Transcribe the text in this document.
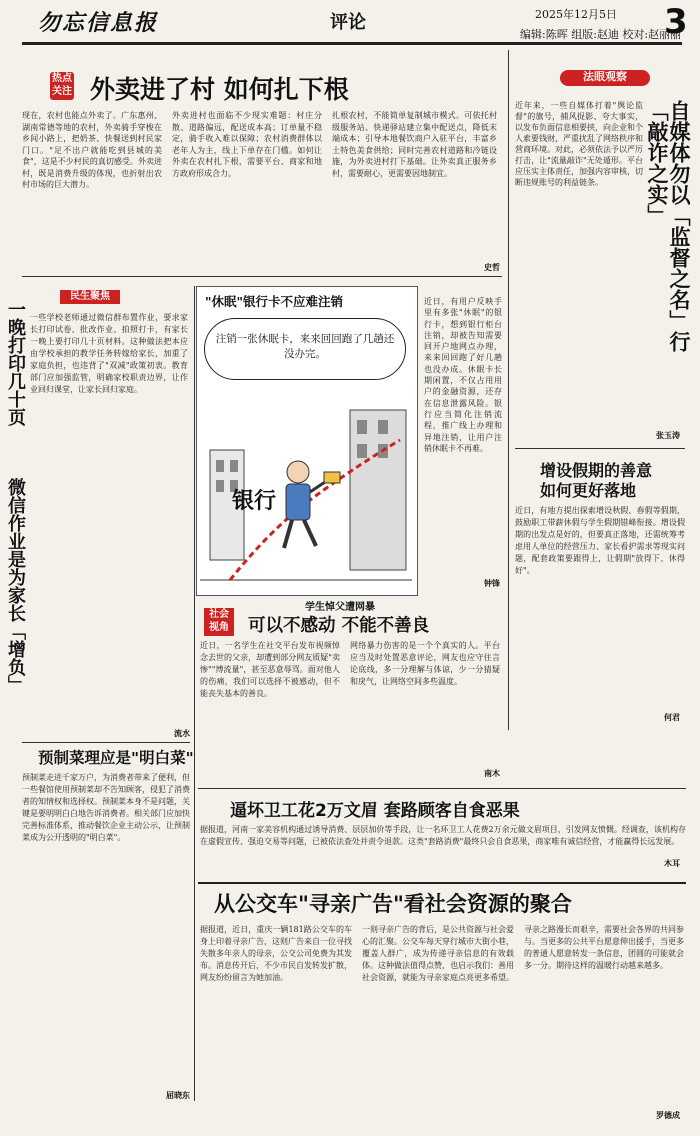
勿忘信息报	评论	2025年12月5日 3
编辑:陈晖 组版:赵迪 校对:赵丽丽
热点
关注 外卖进了村 如何扎下根
现在，农村也能点外卖了。广东惠州、湖南常德等地的农村，外卖骑手穿梭在乡间小路上，把奶茶、快餐送到村民家门口。"足不出户就能吃到县城的美食"，这是不少村民的真切感受。外卖进村，既是消费升级的体现，也折射出农村市场的巨大潜力。
外卖进村也面临不少现实难题：村庄分散、道路偏远，配送成本高；订单量不稳定，骑手收入难以保障；农村消费群体以老年人为主，线上下单存在门槛。如何让外卖在农村扎下根，需要平台、商家和地方政府形成合力。
扎根农村，不能简单复制城市模式。可依托村级服务站、快递驿站建立集中配送点，降低末端成本；引导本地餐饮商户入驻平台，丰富乡土特色美食供给；同时完善农村道路和冷链设施，为外卖进村打下基础。让外卖真正服务乡村，需要耐心，更需要因地制宜。
史哲
法眼观察
近年来，一些自媒体打着"舆论监督"的旗号，捕风捉影、夸大事实，以发布负面信息相要挟，向企业和个人索要钱财，严重扰乱了网络秩序和营商环境。对此，必须依法予以严厉打击，让"流量敲诈"无处遁形。平台应压实主体责任，加强内容审核，切断违规账号的利益链条。	自媒体勿以「监督之名」行「敲诈之实」
张玉涛
增设假期的善意
如何更好落地
近日，有地方提出探索增设秋假、春假等假期，鼓励职工带薪休假与学生假期错峰衔接。增设假期的出发点是好的，但要真正落地，还需统筹考虑用人单位的经营压力、家长看护需求等现实问题，配套政策要跟得上，让假期"放得下、休得好"。
何君
民生聚焦
一些学校老师通过微信群布置作业，要求家长打印试卷、批改作业、拍照打卡，有家长一晚上要打印几十页材料。这种做法把本应由学校承担的教学任务转嫁给家长，加重了家庭负担，也违背了"双减"政策初衷。教育部门应加强监管，明确家校职责边界，让作业回归课堂，让家长回归家庭。
一晚打印几十页
微信作业是为家长「增负」
流水
"休眠"银行卡不应难注销
注销一张休眠卡，来来回回跑了几趟还没办完。
银行
近日，有用户反映手里有多张"休眠"的银行卡，想到银行柜台注销，却被告知需要回开户地网点办理，来来回回跑了好几趟也没办成。休眠卡长期闲置，不仅占用用户的金融资源，还存在信息泄露风险。银行应当简化注销流程，推广线上办理和异地注销，让用户注销休眠卡不再难。
钟锋
社会
视角
学生悼父遭网暴
可以不感动 不能不善良
近日，一名学生在社交平台发布视频悼念去世的父亲，却遭到部分网友质疑"卖惨""博流量"，甚至恶意辱骂。面对他人的伤痛，我们可以选择不被感动，但不能丧失基本的善良。
网络暴力伤害的是一个个真实的人。平台应当及时处置恶意评论，网友也应守住言论底线，多一分理解与体谅，少一分猜疑和戾气，让网络空间多些温度。
南木
预制菜理应是"明白菜"
预制菜走进千家万户，为消费者带来了便利，但一些餐馆使用预制菜却不告知顾客，侵犯了消费者的知情权和选择权。预制菜本身不是问题，关键是要明明白白地告诉消费者。相关部门应加快完善标准体系，推动餐饮企业主动公示，让预制菜成为公开透明的"明白菜"。
屈晓东
逼坏卫工花2万文眉 套路顾客自食恶果
据报道，河南一家美容机构通过诱导消费、层层加价等手段，让一名环卫工人花费2万余元做文眉项目，引发网友愤慨。经调查，该机构存在虚假宣传、强迫交易等问题，已被依法查处并责令退款。这类"套路消费"最终只会自食恶果，商家唯有诚信经营，才能赢得长远发展。
木耳
从公交车"寻亲广告"看社会资源的聚合
据报道，近日，重庆一辆181路公交车的车身上印着寻亲广告，这则广告来自一位寻找失散多年亲人的母亲，公交公司免费为其发布。消息传开后，不少市民自发转发扩散，网友纷纷留言为她加油。
一则寻亲广告的背后，是公共资源与社会爱心的汇聚。公交车每天穿行城市大街小巷，覆盖人群广，成为传递寻亲信息的有效载体。这种做法值得点赞，也启示我们：善用社会资源，就能为寻亲家庭点亮更多希望。
寻亲之路漫长而艰辛，需要社会各界的共同参与。当更多的公共平台愿意伸出援手，当更多的普通人愿意转发一条信息，团圆的可能就会多一分。期待这样的温暖行动越来越多。
罗德成
